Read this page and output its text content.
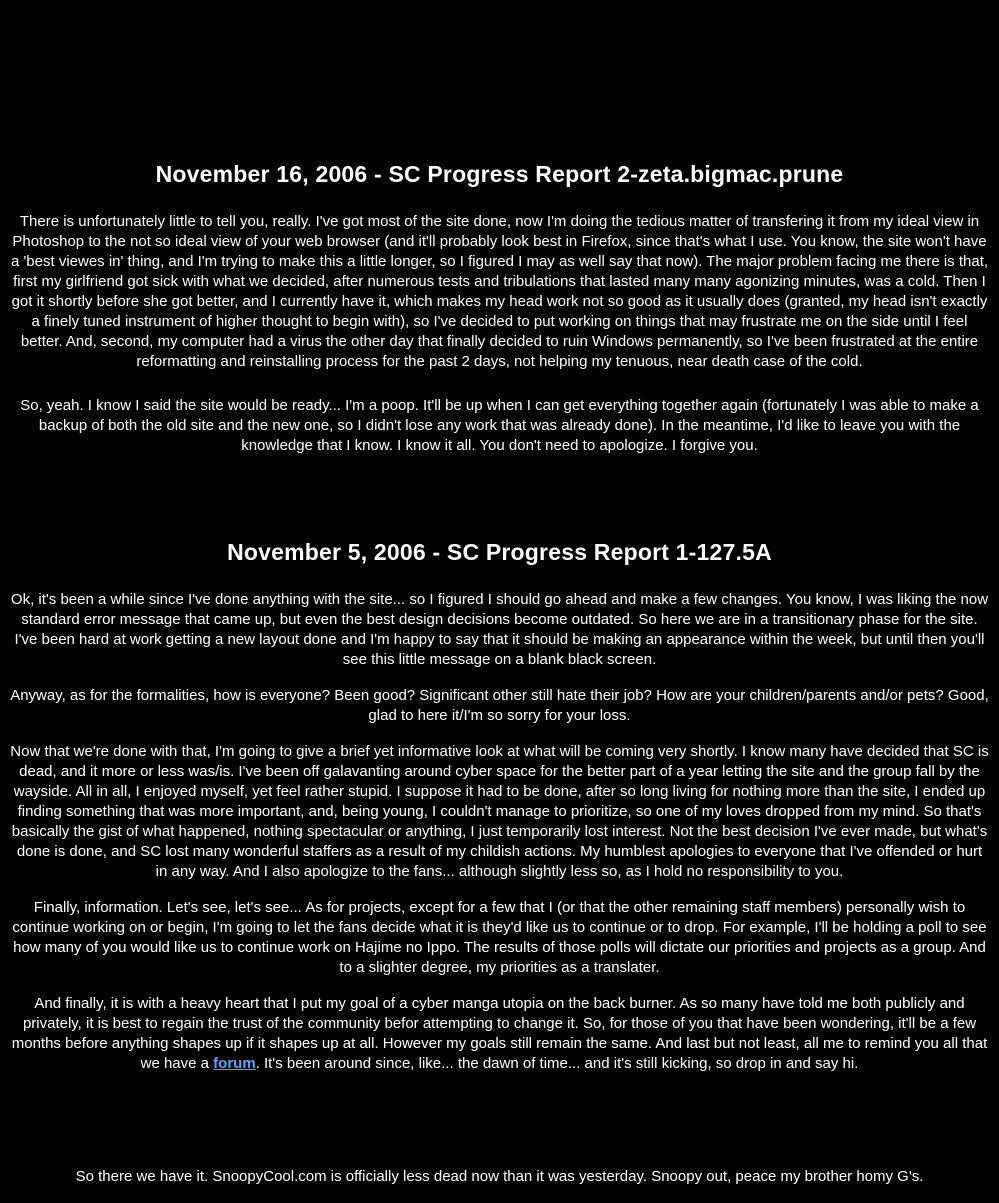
November 16, 2006 - SC Progress Report 2-zeta.bigmac.prune

There is unfortunately little to tell you, really. I've got most of the site done, now I'm doing the tedious matter of transfering it from my ideal view in Photoshop to the not so ideal view of your web browser (and it'll probably look best in Firefox, since that's what I use. You know, the site won't have a 'best viewes in' thing, and I'm trying to make this a little longer, so I figured I may as well say that now). The major problem facing me there is that, first my girlfriend got sick with what we decided, after numerous tests and tribulations that lasted many many agonizing minutes, was a cold. Then I got it shortly before she got better, and I currently have it, which makes my head work not so good as it usually does (granted, my head isn't exactly a finely tuned instrument of higher thought to begin with), so I've decided to put working on things that may frustrate me on the side until I feel better. And, second, my computer had a virus the other day that finally decided to ruin Windows permanently, so I've been frustrated at the entire reformatting and reinstalling process for the past 2 days, not helping my tenuous, near death case of the cold.

So, yeah. I know I said the site would be ready... I'm a poop. It'll be up when I can get everything together again (fortunately I was able to make a backup of both the old site and the new one, so I didn't lose any work that was already done). In the meantime, I'd like to leave you with the knowledge that I know. I know it all. You don't need to apologize. I forgive you.

November 5, 2006 - SC Progress Report 1-127.5A

Ok, it's been a while since I've done anything with the site... so I figured I should go ahead and make a few changes. You know, I was liking the now standard error message that came up, but even the best design decisions become outdated. So here we are in a transitionary phase for the site. I've been hard at work getting a new layout done and I'm happy to say that it should be making an appearance within the week, but until then you'll see this little message on a blank black screen.

Anyway, as for the formalities, how is everyone? Been good? Significant other still hate their job? How are your children/parents and/or pets? Good, glad to here it/I'm so sorry for your loss.

Now that we're done with that, I'm going to give a brief yet informative look at what will be coming very shortly. I know many have decided that SC is dead, and it more or less was/is. I've been off galavanting around cyber space for the better part of a year letting the site and the group fall by the wayside. All in all, I enjoyed myself, yet feel rather stupid. I suppose it had to be done, after so long living for nothing more than the site, I ended up finding something that was more important, and, being young, I couldn't manage to prioritize, so one of my loves dropped from my mind. So that's basically the gist of what happened, nothing spectacular or anything, I just temporarily lost interest. Not the best decision I've ever made, but what's done is done, and SC lost many wonderful staffers as a result of my childish actions. My humblest apologies to everyone that I've offended or hurt in any way. And I also apologize to the fans... although slightly less so, as I hold no responsibility to you.

Finally, information. Let's see, let's see... As for projects, except for a few that I (or that the other remaining staff members) personally wish to continue working on or begin, I'm going to let the fans decide what it is they'd like us to continue or to drop. For example, I'll be holding a poll to see how many of you would like us to continue work on Hajime no Ippo. The results of those polls will dictate our priorities and projects as a group. And to a slighter degree, my priorities as a translater.

And finally, it is with a heavy heart that I put my goal of a cyber manga utopia on the back burner. As so many have told me both publicly and privately, it is best to regain the trust of the community befor attempting to change it. So, for those of you that have been wondering, it'll be a few months before anything shapes up if it shapes up at all. However my goals still remain the same. And last but not least, all me to remind you all that we have a forum. It's been around since, like... the dawn of time... and it's still kicking, so drop in and say hi.

So there we have it. SnoopyCool.com is officially less dead now than it was yesterday. Snoopy out, peace my brother homy G's.
